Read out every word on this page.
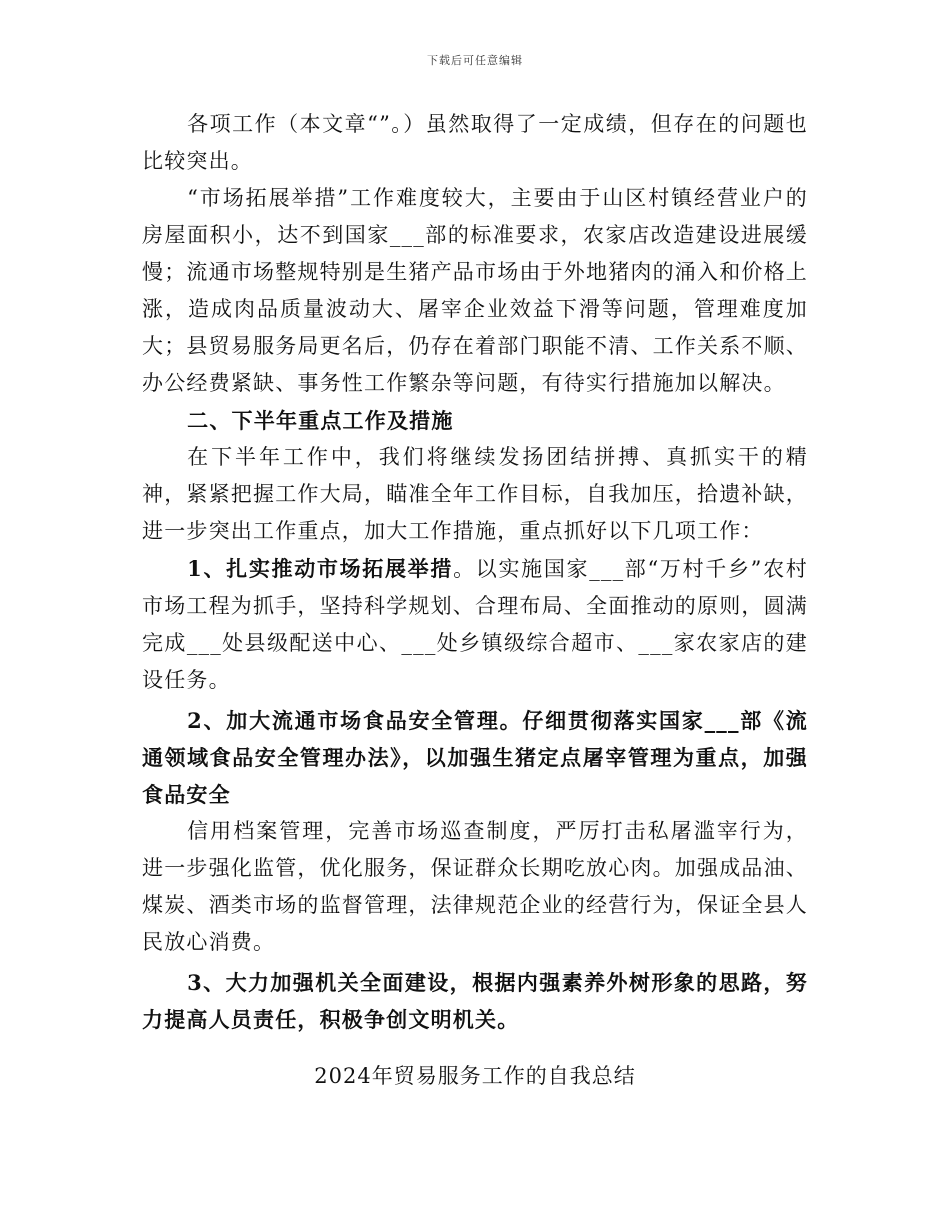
下载后可任意编辑

各项工作（本文章“”。）虽然取得了一定成绩，但存在的问题也比较突出。

“市场拓展举措”工作难度较大，主要由于山区村镇经营业户的房屋面积小，达不到国家___部的标准要求，农家店改造建设进展缓慢；流通市场整规特别是生猪产品市场由于外地猪肉的涌入和价格上涨，造成肉品质量波动大、屠宰企业效益下滑等问题，管理难度加大；县贸易服务局更名后，仍存在着部门职能不清、工作关系不顺、办公经费紧缺、事务性工作繁杂等问题，有待实行措施加以解决。

二、下半年重点工作及措施

在下半年工作中，我们将继续发扬团结拼搏、真抓实干的精神，紧紧把握工作大局，瞄准全年工作目标，自我加压，拾遗补缺，进一步突出工作重点，加大工作措施，重点抓好以下几项工作：

1、扎实推动市场拓展举措。以实施国家___部“万村千乡”农村市场工程为抓手，坚持科学规划、合理布局、全面推动的原则，圆满完成___处县级配送中心、___处乡镇级综合超市、___家农家店的建设任务。

2、加大流通市场食品安全管理。仔细贯彻落实国家___部《流通领域食品安全管理办法》，以加强生猪定点屠宰管理为重点，加强食品安全

信用档案管理，完善市场巡查制度，严厉打击私屠滥宰行为，进一步强化监管，优化服务，保证群众长期吃放心肉。加强成品油、煤炭、酒类市场的监督管理，法律规范企业的经营行为，保证全县人民放心消费。

3、大力加强机关全面建设，根据内强素养外树形象的思路，努力提高人员责任，积极争创文明机关。

2024年贸易服务工作的自我总结
